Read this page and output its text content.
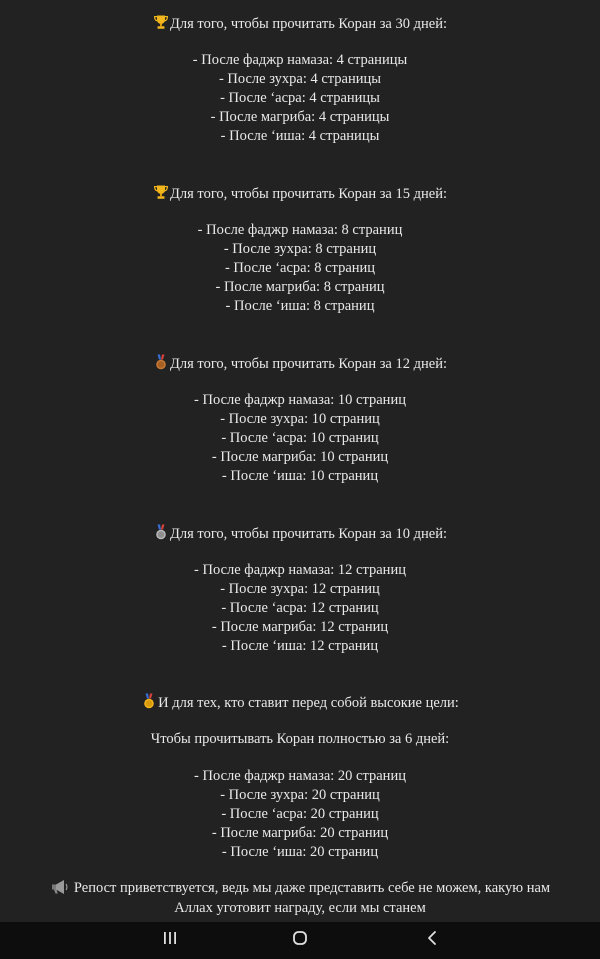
Для того, чтобы прочитать Коран за 30 дней:
- После фаджр намаза: 4 страницы
- После зухра: 4 страницы
- После ‘асра: 4 страницы
- После магриба: 4 страницы
- После ‘иша: 4 страницы
Для того, чтобы прочитать Коран за 15 дней:
- После фаджр намаза: 8 страниц
- После зухра: 8 страниц
- После ‘асра: 8 страниц
- После магриба: 8 страниц
- После ‘иша: 8 страниц
Для того, чтобы прочитать Коран за 12 дней:
- После фаджр намаза: 10 страниц
- После зухра: 10 страниц
- После ‘асра: 10 страниц
- После магриба: 10 страниц
- После ‘иша: 10 страниц
Для того, чтобы прочитать Коран за 10 дней:
- После фаджр намаза: 12 страниц
- После зухра: 12 страниц
- После ‘асра: 12 страниц
- После магриба: 12 страниц
- После ‘иша: 12 страниц
И для тех, кто ставит перед собой высокие цели:
Чтобы прочитывать Коран полностью за 6 дней:
- После фаджр намаза: 20 страниц
- После зухра: 20 страниц
- После ‘асра: 20 страниц
- После магриба: 20 страниц
- После ‘иша: 20 страниц
Репост приветствуется, ведь мы даже представить себе не можем, какую нам Аллах уготовит награду, если мы станем
